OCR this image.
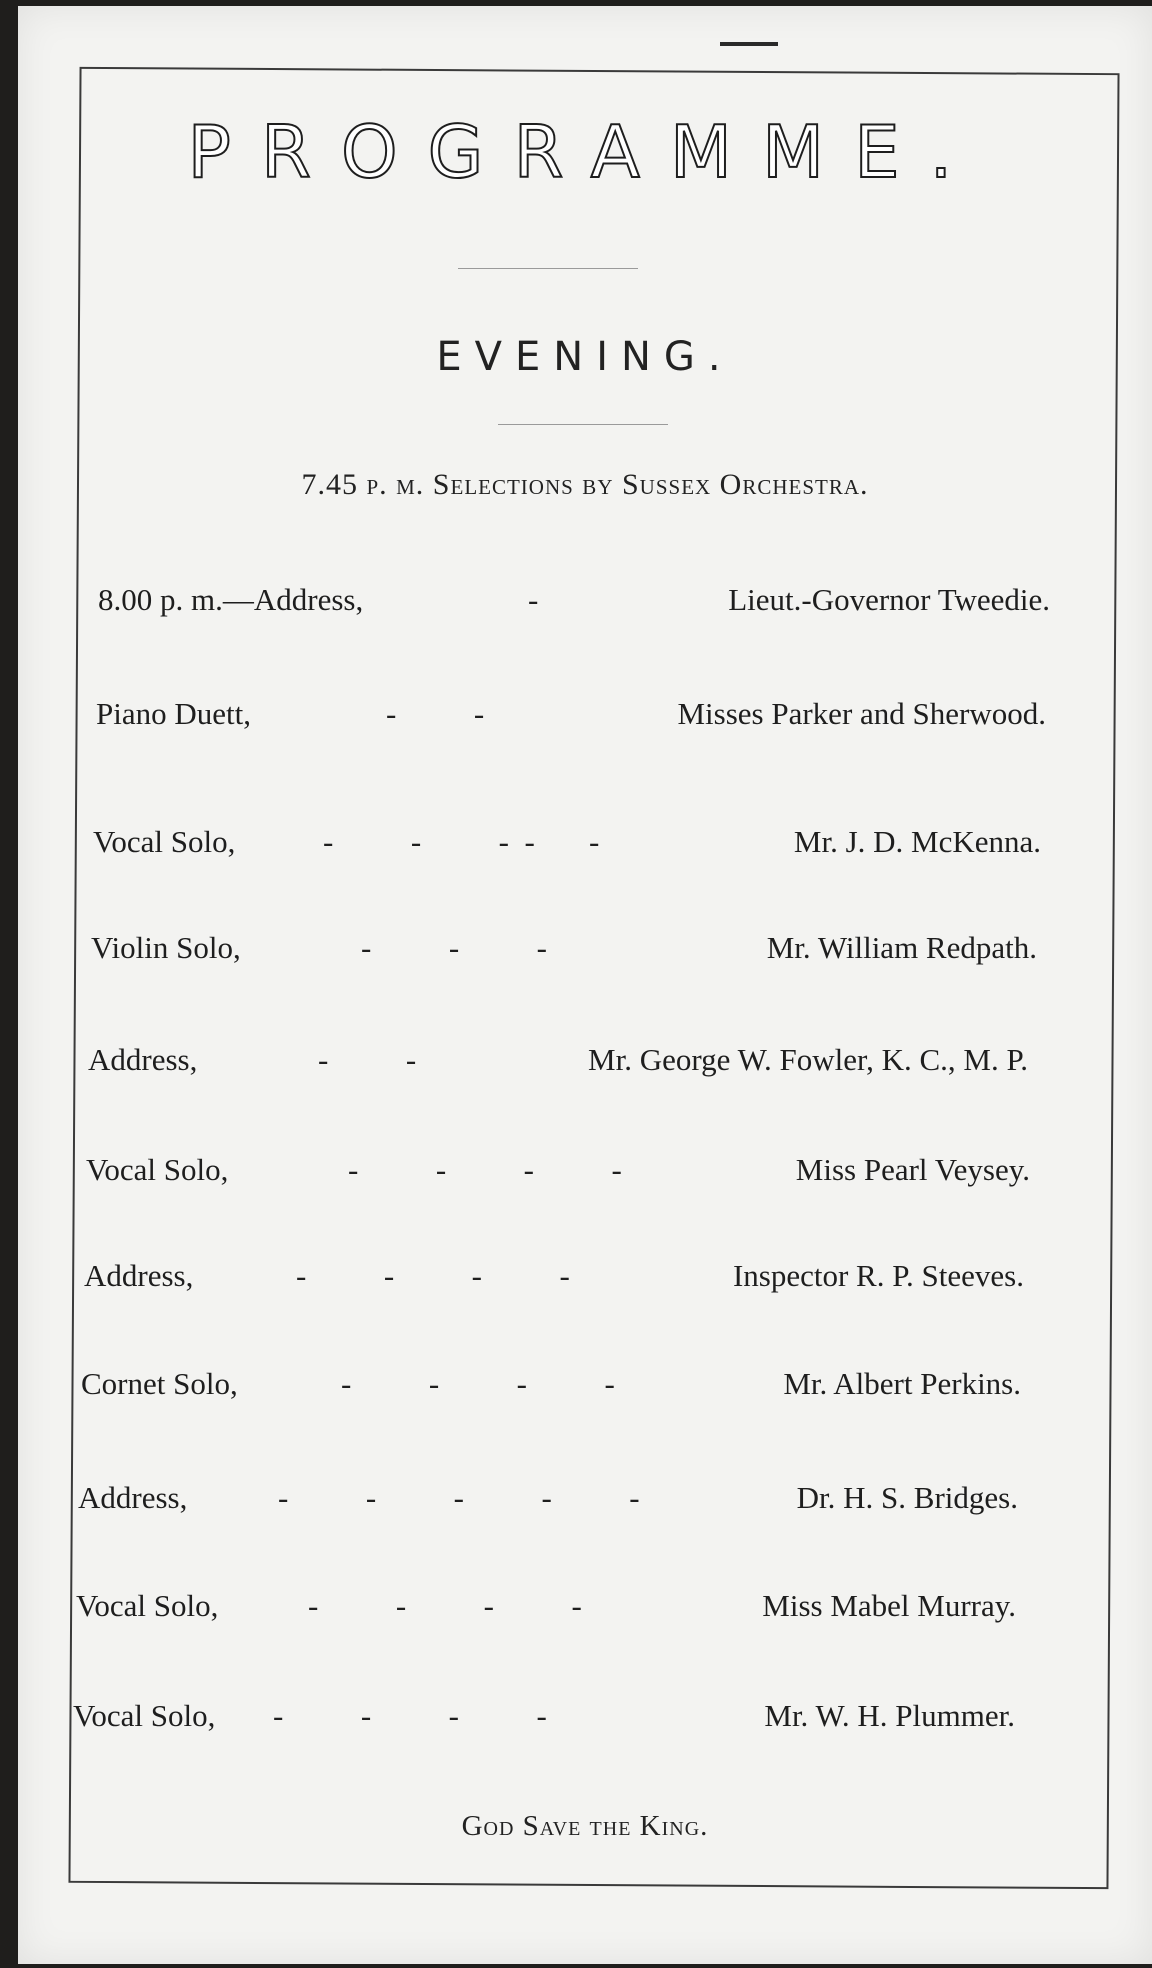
PROGRAMME.
EVENING.
7.45 p. m. Selections by Sussex Orchestra.
8.00 p. m.—Address,	-	Lieut.-Governor Tweedie.
Piano Duett,	-          -	Misses Parker and Sherwood.
Vocal Solo,	-          -          -  -       -	Mr. J. D. McKenna.
Violin Solo,	-          -          -	Mr. William Redpath.
Address,	-          -	Mr. George W. Fowler, K. C., M. P.
Vocal Solo,	-          -          -          -	Miss Pearl Veysey.
Address,	-          -          -          -	Inspector R. P. Steeves.
Cornet Solo,	-          -          -          -	Mr. Albert Perkins.
Address,	-          -          -          -          -	Dr. H. S. Bridges.
Vocal Solo,	-          -          -          -	Miss Mabel Murray.
Vocal Solo, -          -          -          -	Mr. W. H. Plummer.
God Save the King.
